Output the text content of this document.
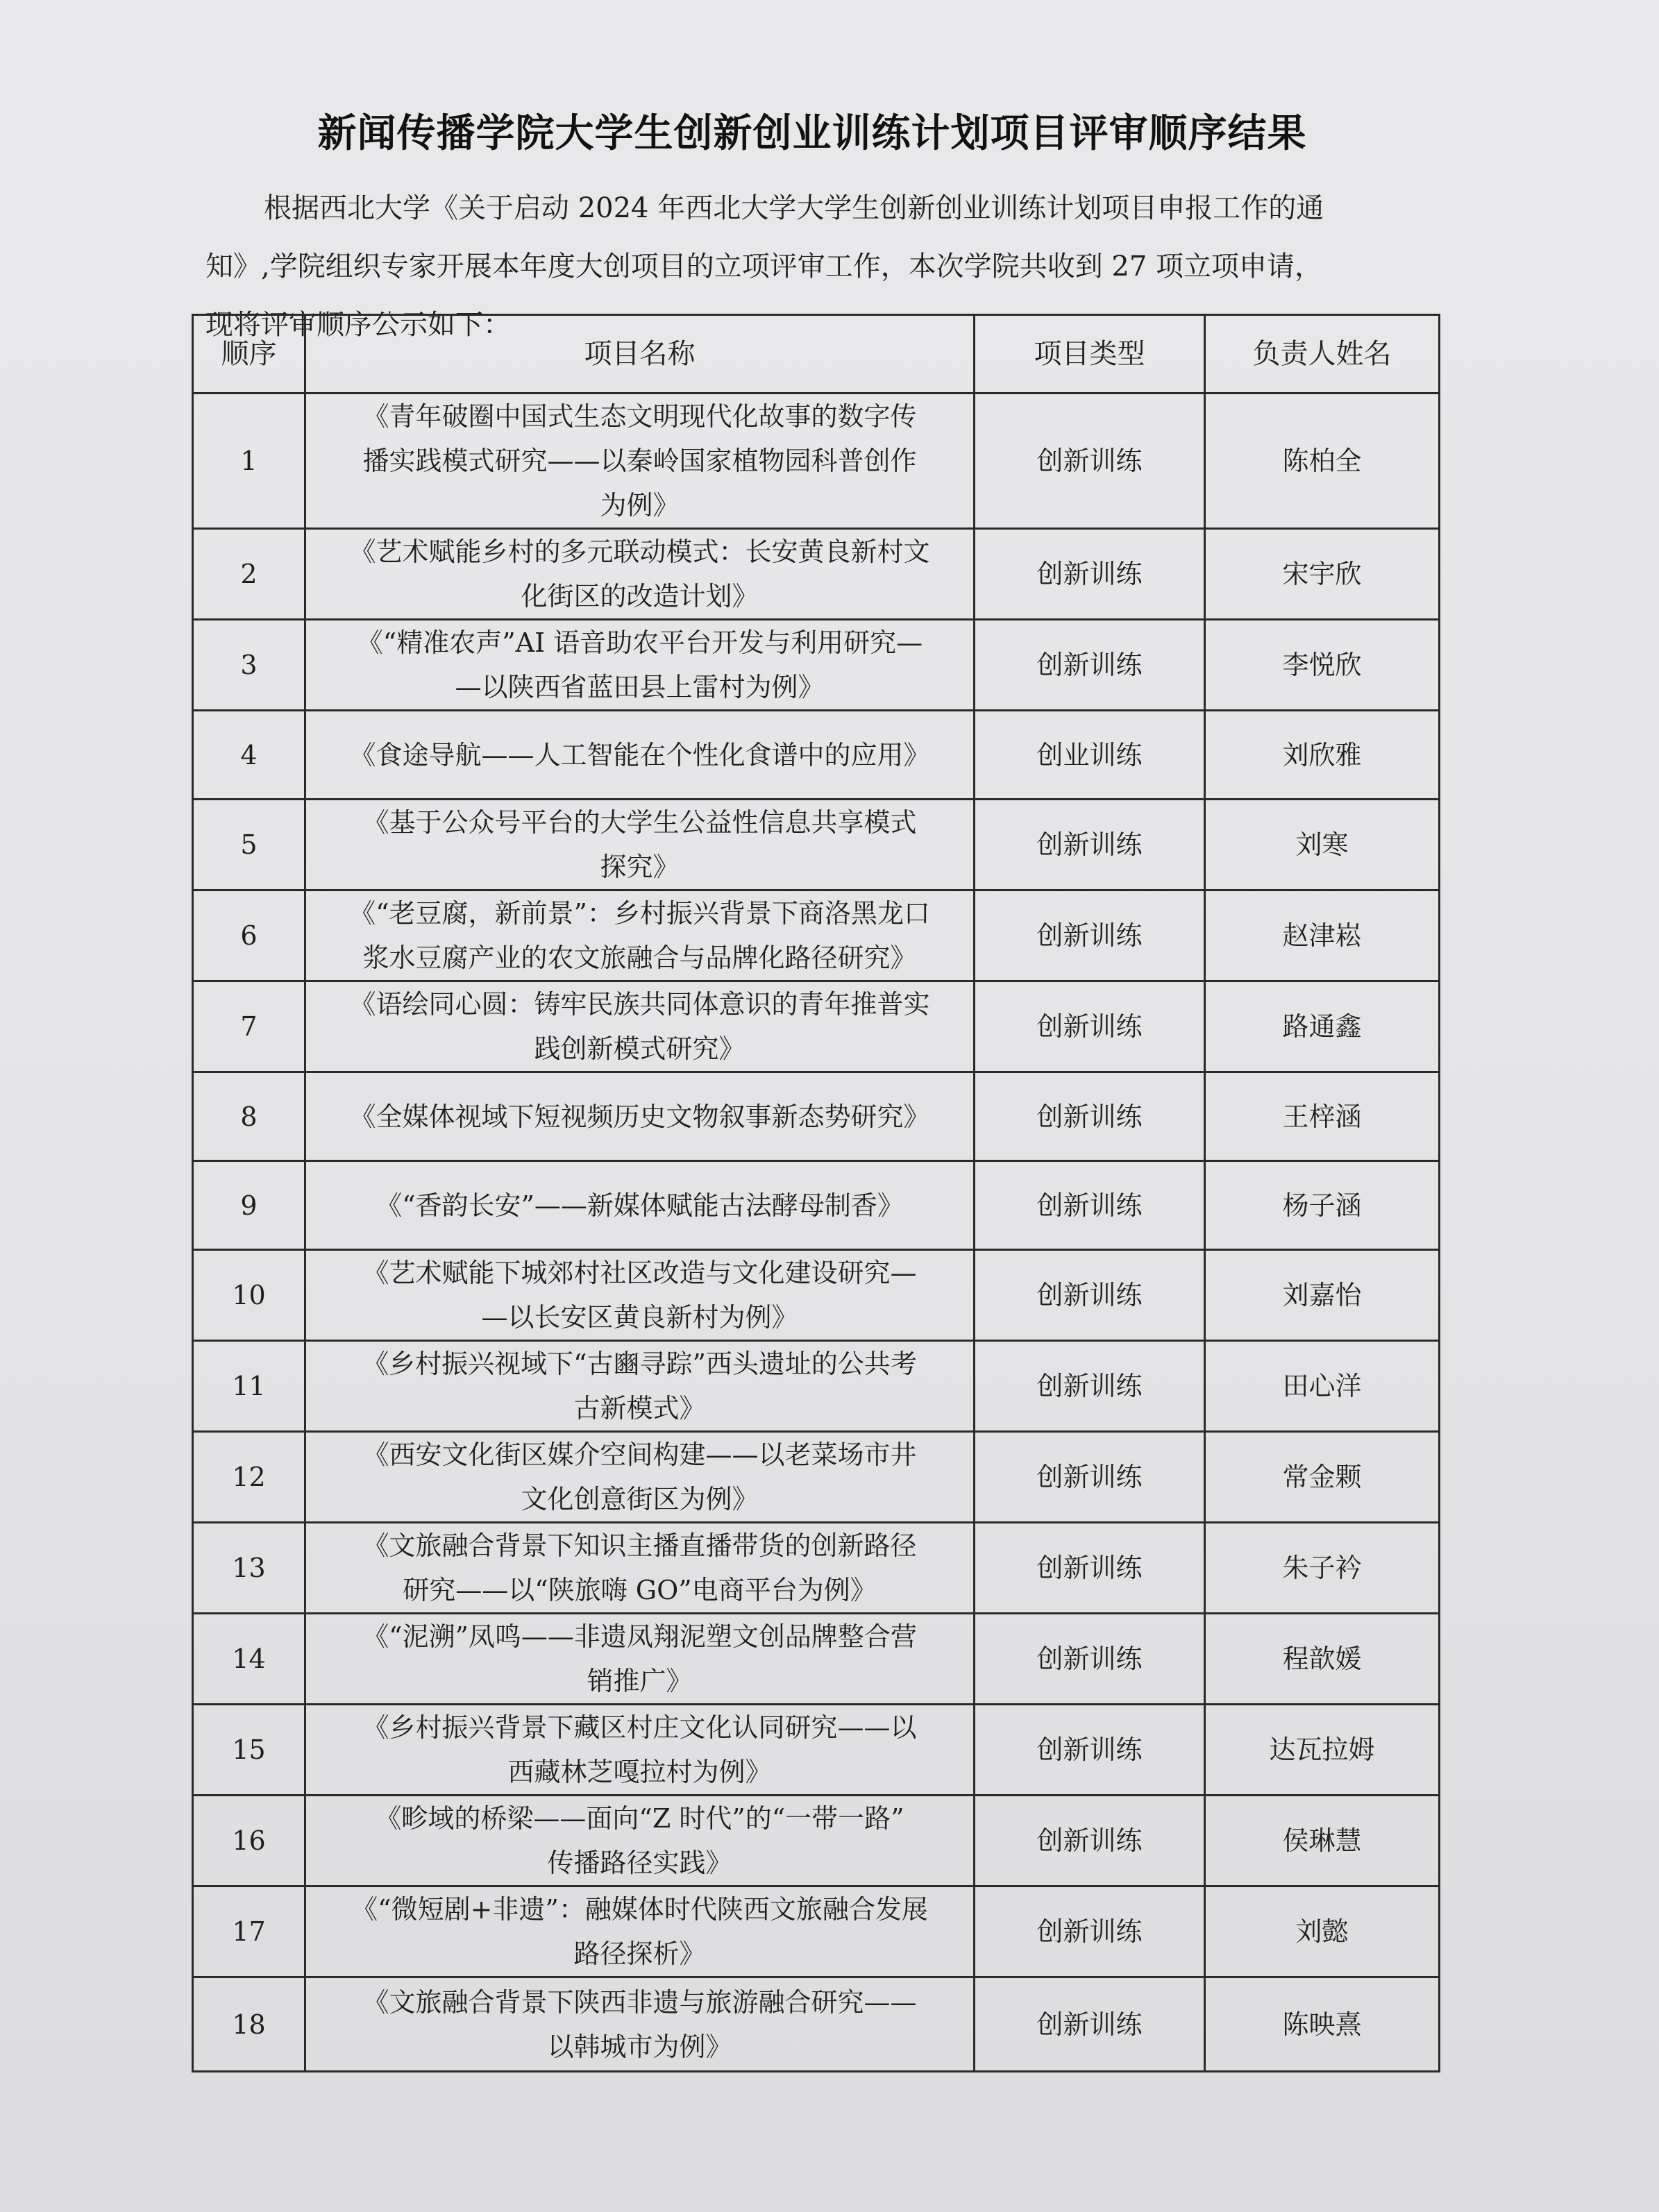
新闻传播学院大学生创新创业训练计划项目评审顺序结果
根据西北大学《关于启动 2024 年西北大学大学生创新创业训练计划项目申报工作的通
知》,学院组织专家开展本年度大创项目的立项评审工作，本次学院共收到 27 项立项申请，
现将评审顺序公示如下：
顺序	项目名称	项目类型	负责人姓名
1	《青年破圈中国式生态文明现代化故事的数字传
播实践模式研究——以秦岭国家植物园科普创作
为例》	创新训练	陈柏全
2	《艺术赋能乡村的多元联动模式：长安黄良新村文
化街区的改造计划》	创新训练	宋宇欣
3	《“精准农声”AI 语音助农平台开发与利用研究—
—以陕西省蓝田县上雷村为例》	创新训练	李悦欣
4	《食途导航——人工智能在个性化食谱中的应用》	创业训练	刘欣雅
5	《基于公众号平台的大学生公益性信息共享模式
探究》	创新训练	刘寒
6	《“老豆腐，新前景”：乡村振兴背景下商洛黑龙口
浆水豆腐产业的农文旅融合与品牌化路径研究》	创新训练	赵津崧
7	《语绘同心圆：铸牢民族共同体意识的青年推普实
践创新模式研究》	创新训练	路通鑫
8	《全媒体视域下短视频历史文物叙事新态势研究》	创新训练	王梓涵
9	《“香韵长安”——新媒体赋能古法酵母制香》	创新训练	杨子涵
10	《艺术赋能下城郊村社区改造与文化建设研究—
—以长安区黄良新村为例》	创新训练	刘嘉怡
11	《乡村振兴视域下“古豳寻踪”西头遗址的公共考
古新模式》	创新训练	田心洋
12	《西安文化街区媒介空间构建——以老菜场市井
文化创意街区为例》	创新训练	常金颗
13	《文旅融合背景下知识主播直播带货的创新路径
研究——以“陕旅嗨 GO”电商平台为例》	创新训练	朱子衿
14	《“泥溯”凤鸣——非遗凤翔泥塑文创品牌整合营
销推广》	创新训练	程歆媛
15	《乡村振兴背景下藏区村庄文化认同研究——以
西藏林芝嘎拉村为例》	创新训练	达瓦拉姆
16	《畛域的桥梁——面向“Z 时代”的“一带一路”
传播路径实践》	创新训练	侯琳慧
17	《“微短剧+非遗”：融媒体时代陕西文旅融合发展
路径探析》	创新训练	刘懿
18	《文旅融合背景下陕西非遗与旅游融合研究——
以韩城市为例》	创新训练	陈映熹
